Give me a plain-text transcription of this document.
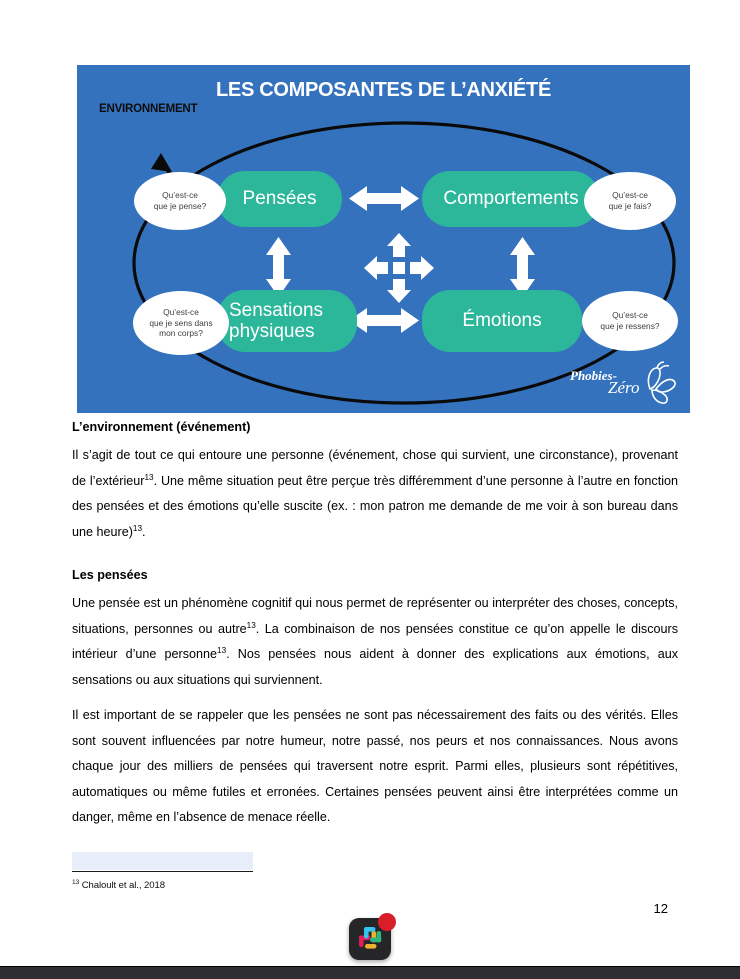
LES COMPOSANTES DE L’ANXIÉTÉ
ENVIRONNEMENT
Pensées	Comportements
Sensations
physiques
Émotions
Qu’est-ce
que je pense?
Qu’est-ce
que je fais?
Qu’est-ce
que je sens dans
mon corps?
Qu’est-ce
que je ressens?
Phobies-
Zéro
L’environnement (événement)
Il s’agit de tout ce qui entoure une personne (événement, chose qui survient, une circonstance), provenant de l’extérieur$^{13}$. Une même situation peut être perçue très différemment d’une personne à l’autre en fonction des pensées et des émotions qu’elle suscite (ex. : mon patron me demande de me voir à son bureau dans une heure)$^{13}$.
Les pensées
Une pensée est un phénomène cognitif qui nous permet de représenter ou interpréter des choses, concepts, situations, personnes ou autre$^{13}$. La combinaison de nos pensées constitue ce qu’on appelle le discours intérieur d’une personne$^{13}$. Nos pensées nous aident à donner des explications aux émotions, aux sensations ou aux situations qui surviennent.
Il est important de se rappeler que les pensées ne sont pas nécessairement des faits ou des vérités. Elles sont souvent influencées par notre humeur, notre passé, nos peurs et nos connaissances. Nous avons chaque jour des milliers de pensées qui traversent notre esprit. Parmi elles, plusieurs sont répétitives, automatiques ou même futiles et erronées. Certaines pensées peuvent ainsi être interprétées comme un danger, même en l’absence de menace réelle.
$^{13}$ Chaloult et al., 2018
12
